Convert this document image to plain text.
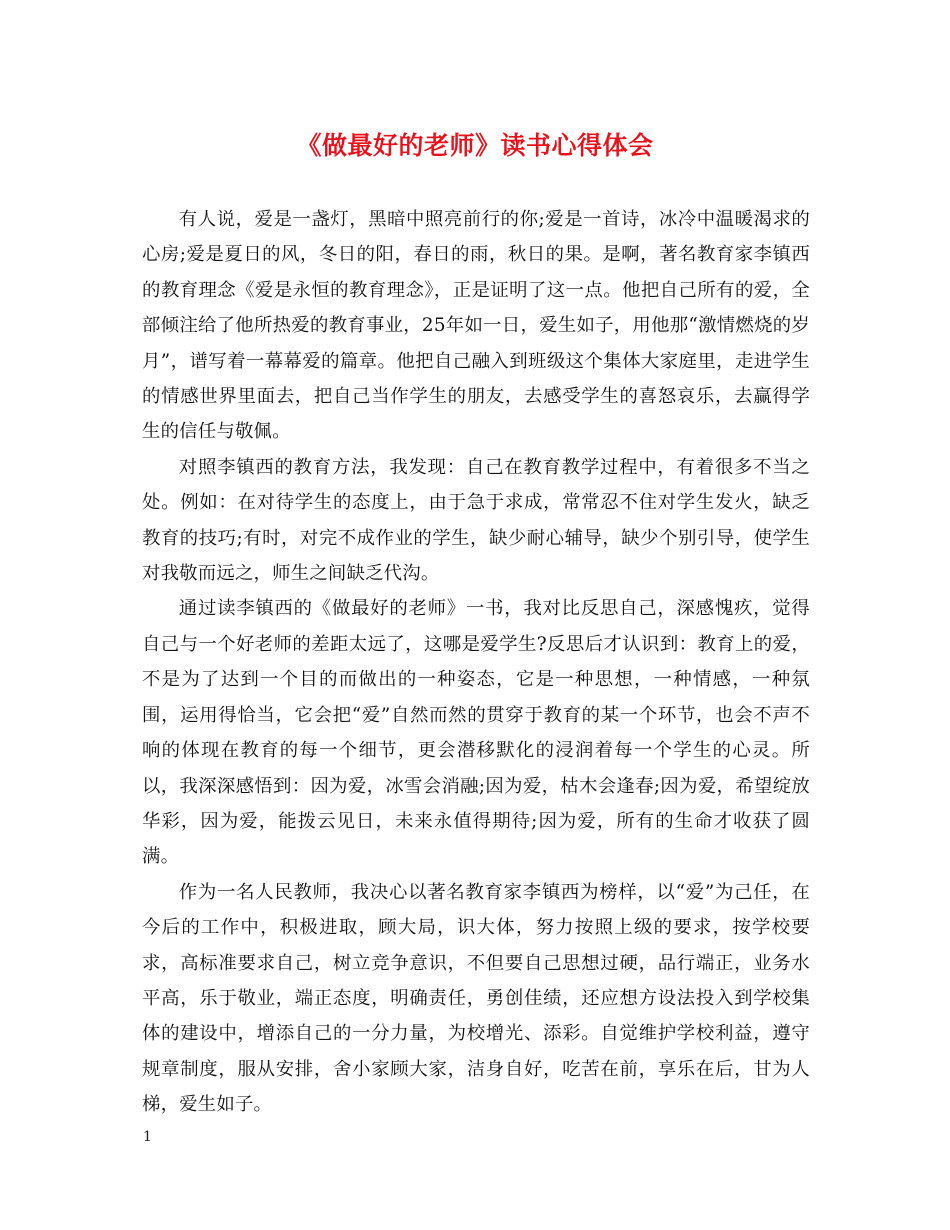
《做最好的老师》读书心得体会

有人说，爱是一盏灯，黑暗中照亮前行的你;爱是一首诗，冰冷中温暖渴求的心房;爱是夏日的风，冬日的阳，春日的雨，秋日的果。是啊，著名教育家李镇西的教育理念《爱是永恒的教育理念》，正是证明了这一点。他把自己所有的爱，全部倾注给了他所热爱的教育事业，25年如一日，爱生如子，用他那“激情燃烧的岁月”，谱写着一幕幕爱的篇章。他把自己融入到班级这个集体大家庭里，走进学生的情感世界里面去，把自己当作学生的朋友，去感受学生的喜怒哀乐，去赢得学生的信任与敬佩。

对照李镇西的教育方法，我发现：自己在教育教学过程中，有着很多不当之处。例如：在对待学生的态度上，由于急于求成，常常忍不住对学生发火，缺乏教育的技巧;有时，对完不成作业的学生，缺少耐心辅导，缺少个别引导，使学生对我敬而远之，师生之间缺乏代沟。

通过读李镇西的《做最好的老师》一书，我对比反思自己，深感愧疚，觉得自己与一个好老师的差距太远了，这哪是爱学生?反思后才认识到：教育上的爱，不是为了达到一个目的而做出的一种姿态，它是一种思想，一种情感，一种氛围，运用得恰当，它会把“爱”自然而然的贯穿于教育的某一个环节，也会不声不响的体现在教育的每一个细节，更会潜移默化的浸润着每一个学生的心灵。所以，我深深感悟到：因为爱，冰雪会消融;因为爱，枯木会逢春;因为爱，希望绽放华彩，因为爱，能拨云见日，未来永值得期待;因为爱，所有的生命才收获了圆满。

作为一名人民教师，我决心以著名教育家李镇西为榜样，以“爱”为己任，在今后的工作中，积极进取，顾大局，识大体，努力按照上级的要求，按学校要求，高标准要求自己，树立竞争意识，不但要自己思想过硬，品行端正，业务水平高，乐于敬业，端正态度，明确责任，勇创佳绩，还应想方设法投入到学校集体的建设中，增添自己的一分力量，为校增光、添彩。自觉维护学校利益，遵守规章制度，服从安排，舍小家顾大家，洁身自好，吃苦在前，享乐在后，甘为人梯，爱生如子。

1
